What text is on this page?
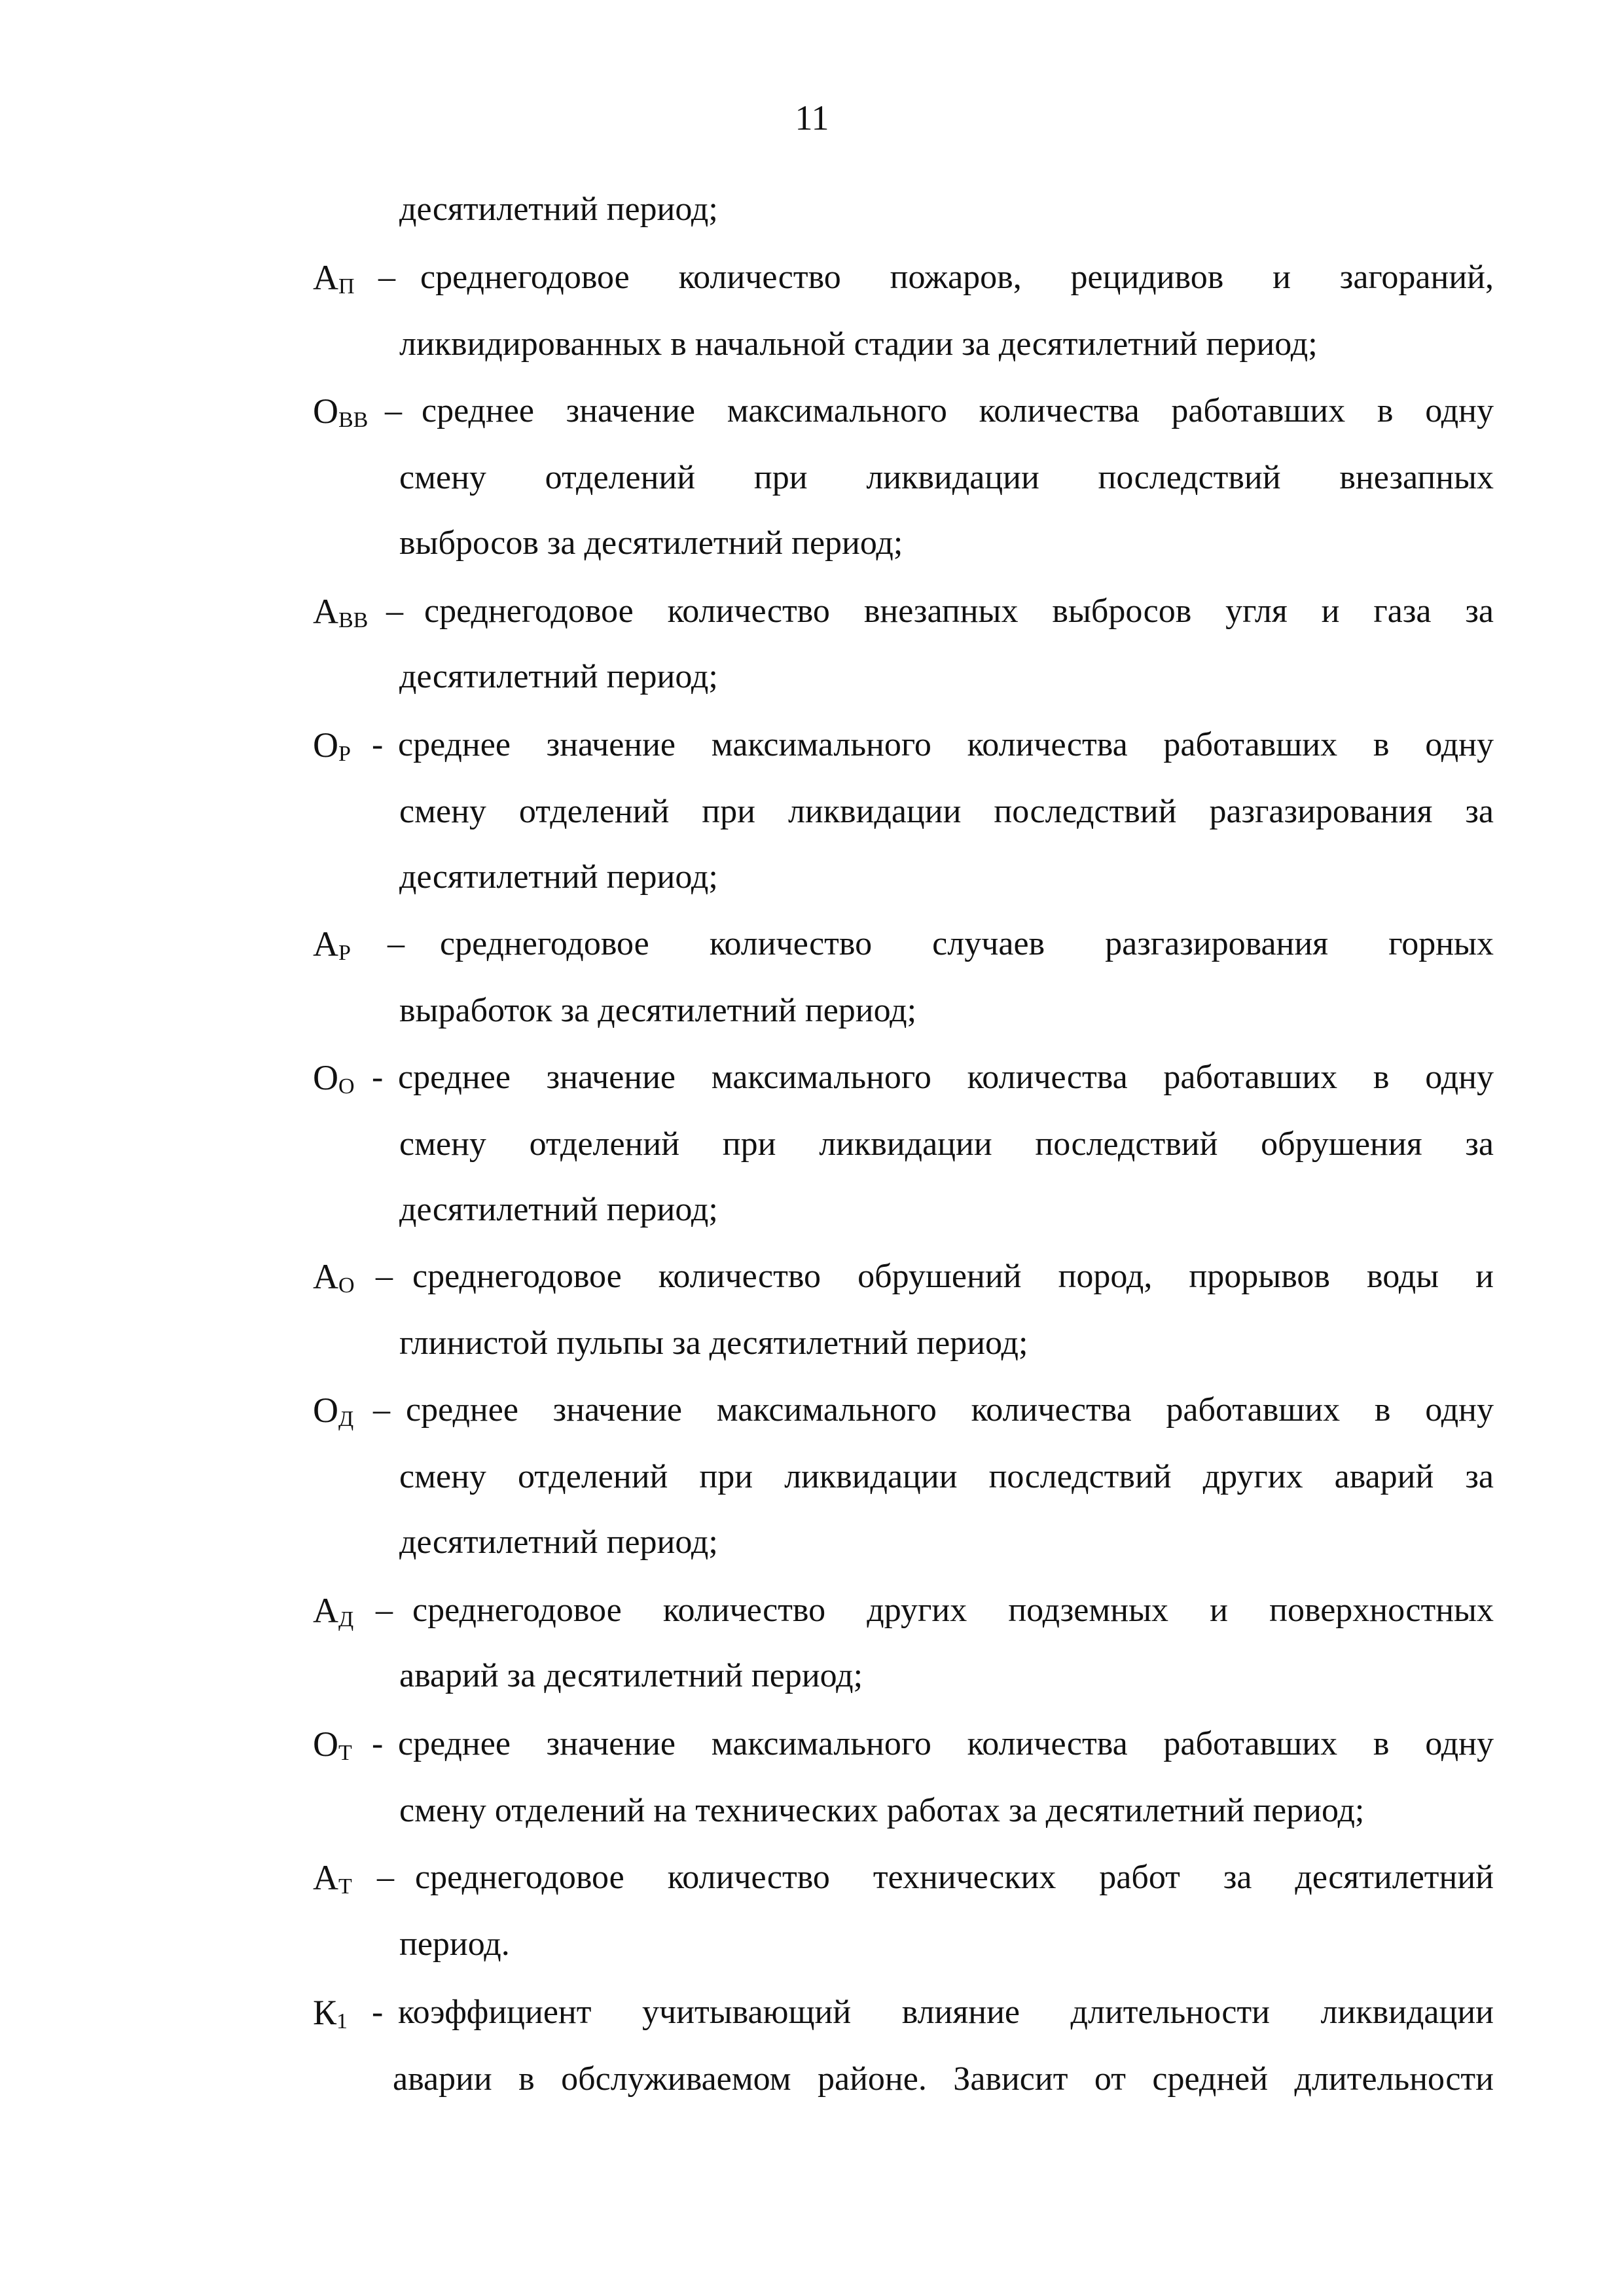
11
десятилетний период;
$А_П$ – среднегодовое количество пожаров, рецидивов и загораний,
ликвидированных в начальной стадии за десятилетний период;
$О_{ВВ}$ – среднее значение максимального количества работавших в одну
смену отделений при ликвидации последствий внезапных
выбросов за десятилетний период;
$А_{ВВ}$ – среднегодовое количество внезапных выбросов угля и газа за
десятилетний период;
$О_Р$ - среднее значение максимального количества работавших в одну
смену отделений при ликвидации последствий разгазирования за
десятилетний период;
$А_Р$ – среднегодовое количество случаев разгазирования горных
выработок за десятилетний период;
$О_О$ - среднее значение максимального количества работавших в одну
смену отделений при ликвидации последствий обрушения за
десятилетний период;
$А_О$ – среднегодовое количество обрушений пород, прорывов воды и
глинистой пульпы за десятилетний период;
$О_Д$ – среднее значение максимального количества работавших в одну
смену отделений при ликвидации последствий других аварий за
десятилетний период;
$А_Д$ – среднегодовое количество других подземных и поверхностных
аварий за десятилетний период;
$О_Т$ - среднее значение максимального количества работавших в одну
смену отделений на технических работах за десятилетний период;
$А_Т$ – среднегодовое количество технических работ за десятилетний
период.
$К_1$ - коэффициент учитывающий влияние длительности ликвидации
аварии в обслуживаемом районе. Зависит от средней длительности
